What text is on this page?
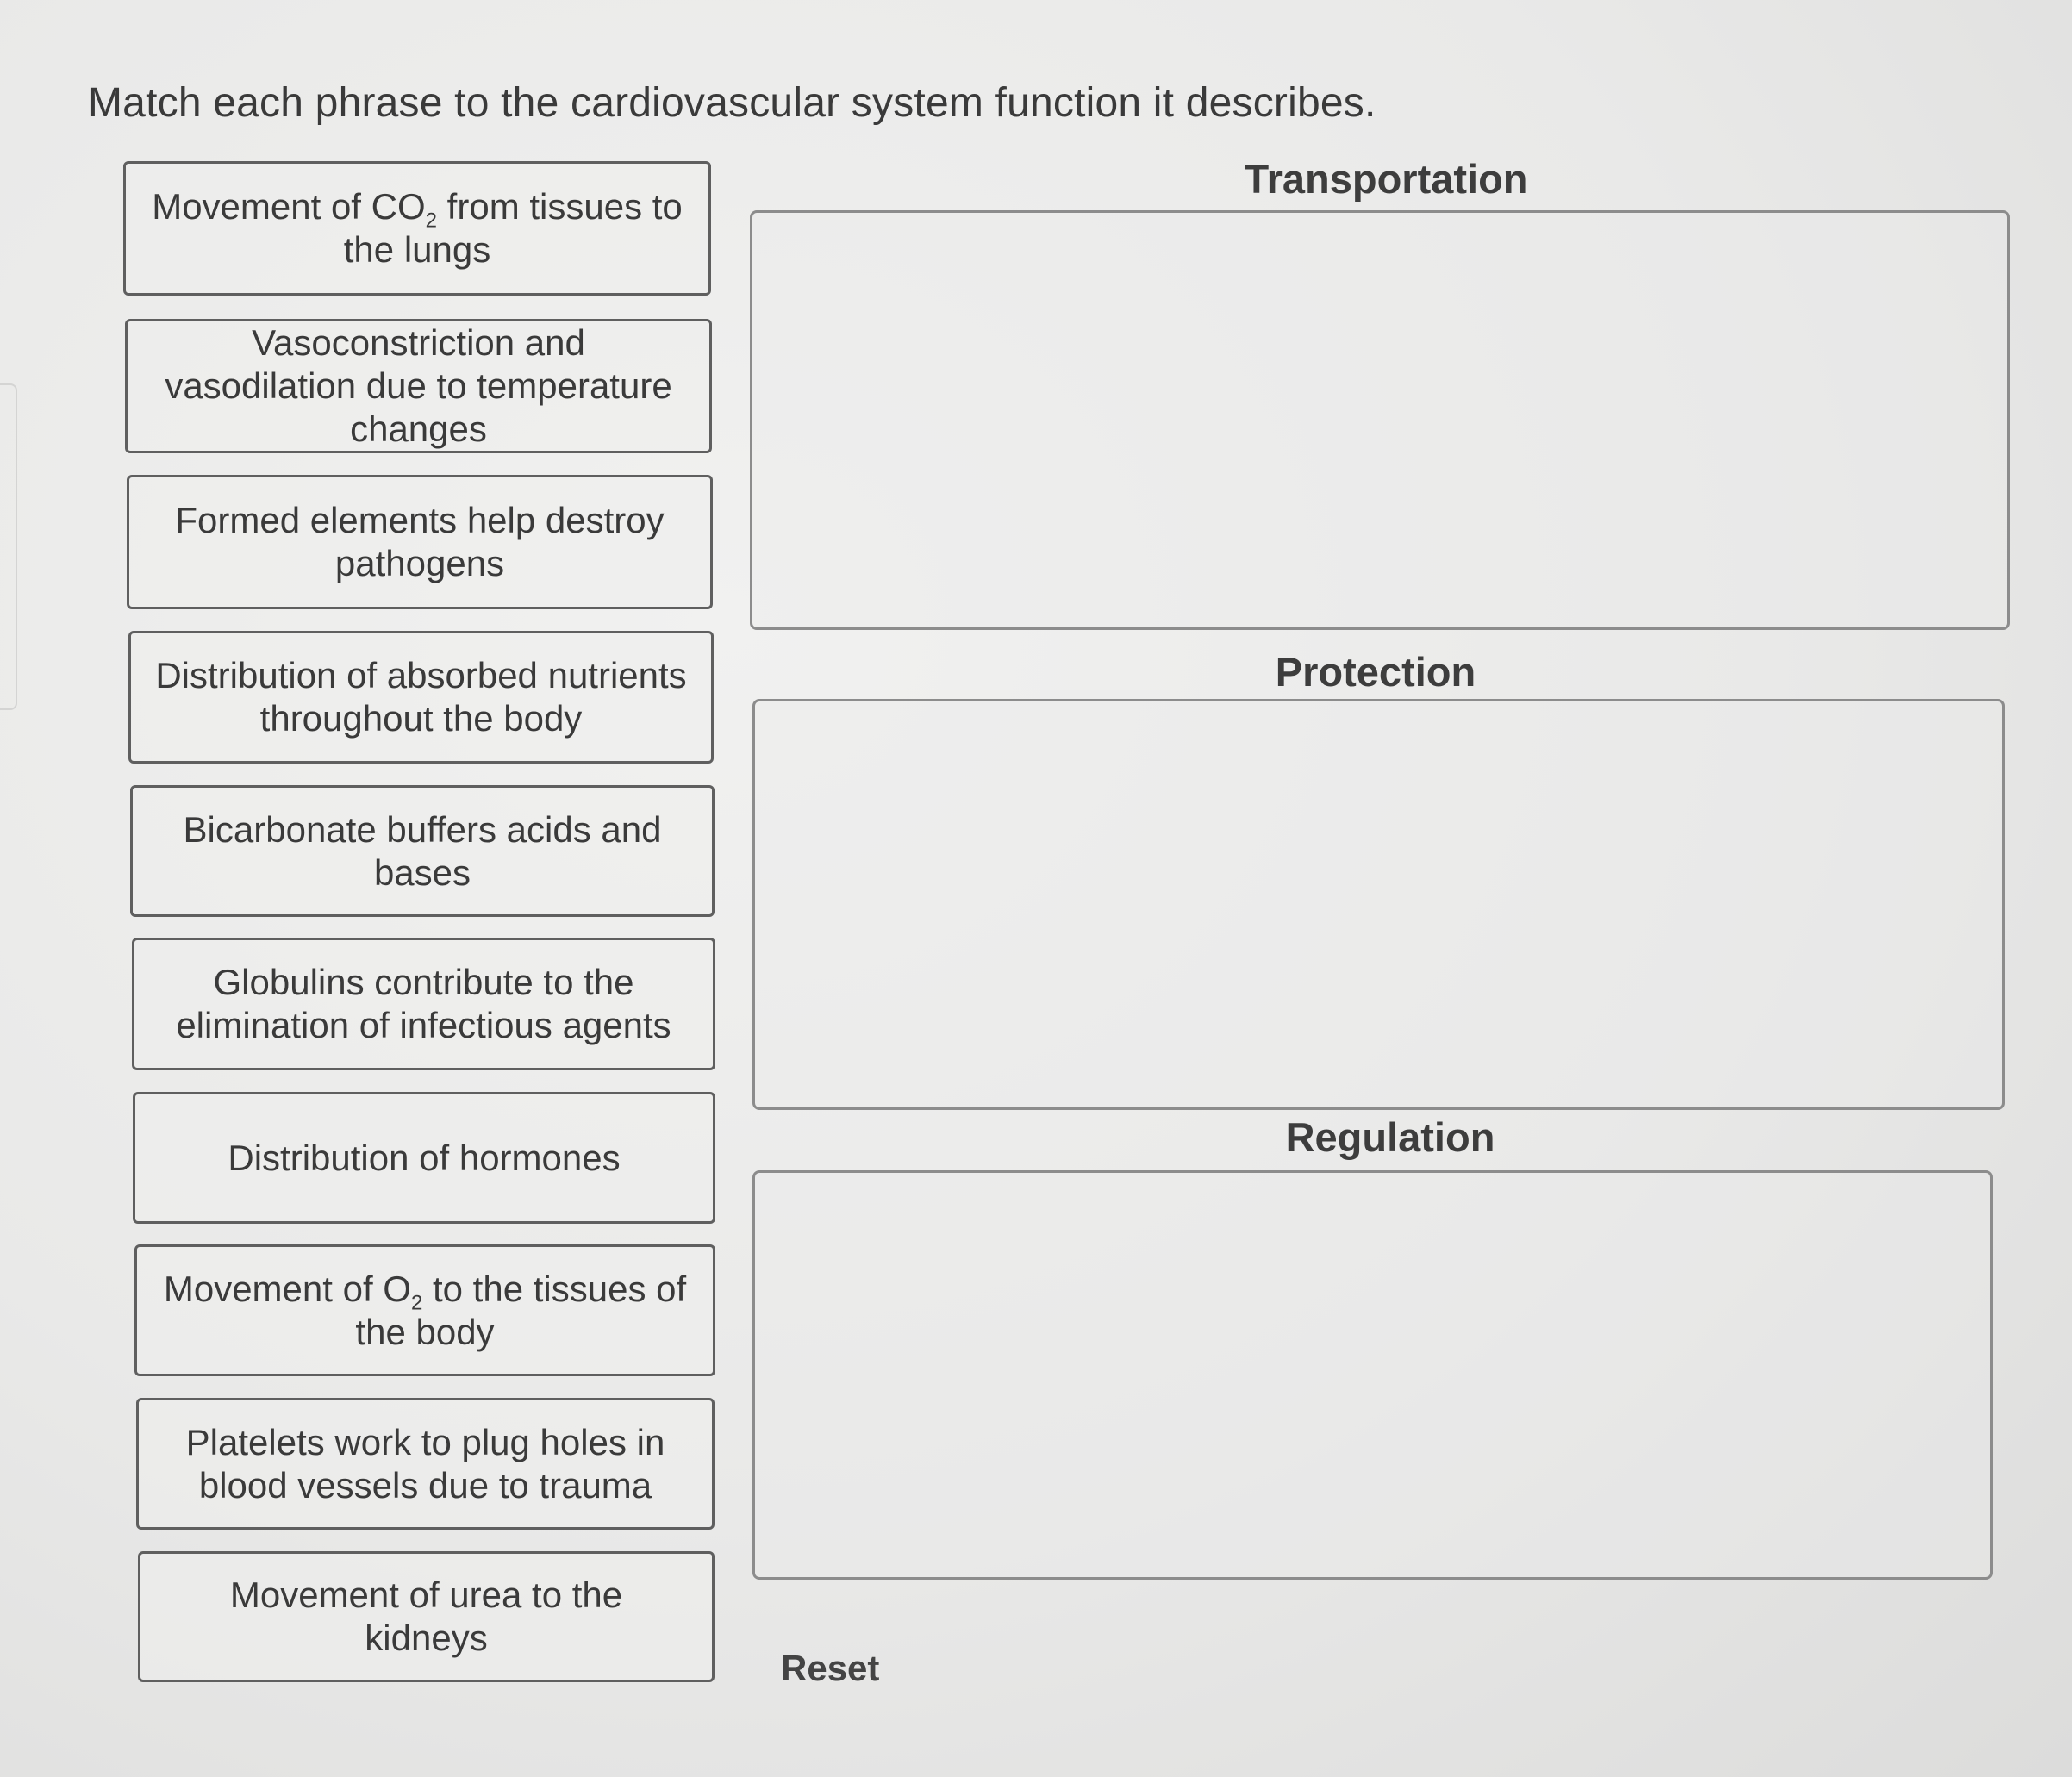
Match each phrase to the cardiovascular system function it describes.
Movement of $CO_2$ from tissues to the lungs
Vasoconstriction and vasodilation due to temperature changes
Formed elements help destroy pathogens
Distribution of absorbed nutrients throughout the body
Bicarbonate buffers acids and bases
Globulins contribute to the elimination of infectious agents
Distribution of hormones
Movement of $O_2$ to the tissues of the body
Platelets work to plug holes in blood vessels due to trauma
Movement of urea to the kidneys
Transportation
Protection
Regulation
Reset
